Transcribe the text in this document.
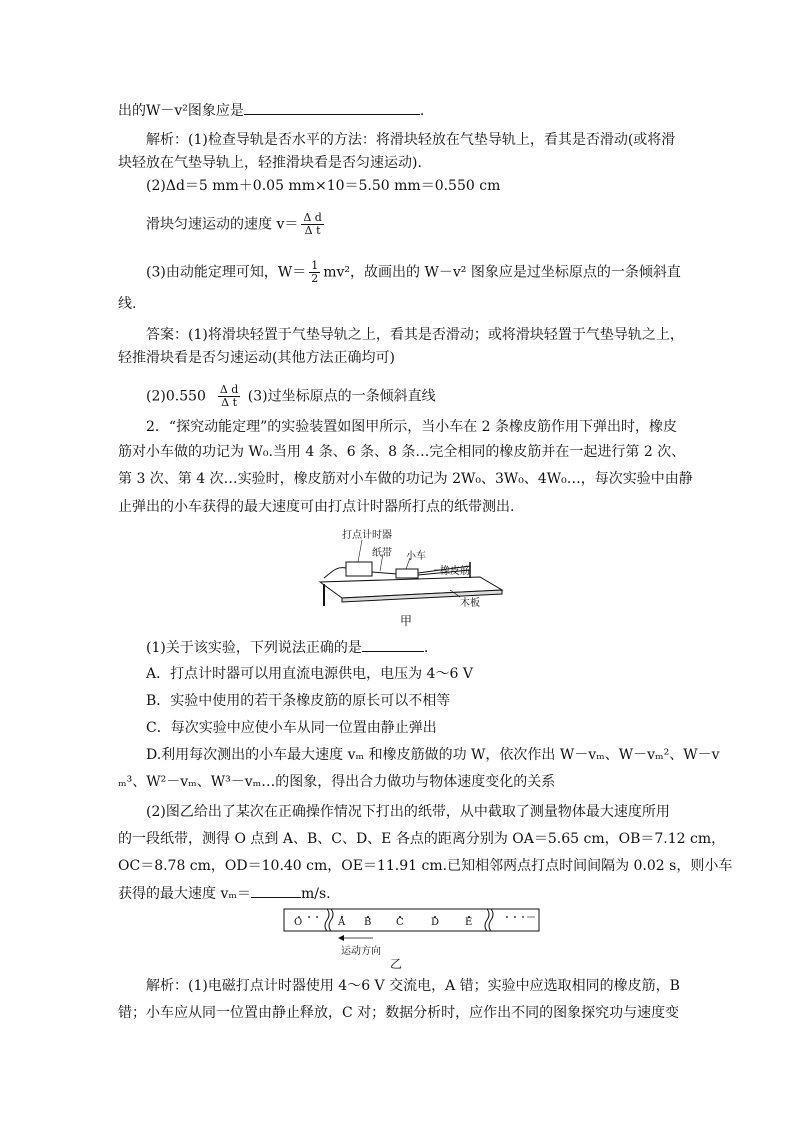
出的W－v²图象应是	.
解析：(1)检查导轨是否水平的方法：将滑块轻放在气垫导轨上，看其是否滑动(或将滑
块轻放在气垫导轨上，轻推滑块看是否匀速运动).
(2)Δd＝5 mm＋0.05 mm×10＝5.50 mm＝0.550 cm
滑块匀速运动的速度 $v= \frac{\text{Δ d}}{\text{Δ t}}$
(3)由动能定理可知，$W= \frac{1}{2} mv^2$，故画出的 W－v² 图象应是过坐标原点的一条倾斜直
线.
答案：(1)将滑块轻置于气垫导轨之上，看其是否滑动；或将滑块轻置于气垫导轨之上，
轻推滑块看是否匀速运动(其他方法正确均可)
$(2)0.550 \frac{\text{Δ d}}{\text{Δ t}} (3)$过坐标原点的一条倾斜直线
2．“探究动能定理”的实验装置如图甲所示，当小车在 2 条橡皮筋作用下弹出时，橡皮
筋对小车做的功记为 W₀.当用 4 条、6 条、8 条…完全相同的橡皮筋并在一起进行第 2 次、
第 3 次、第 4 次…实验时，橡皮筋对小车做的功记为 2W₀、3W₀、4W₀…，每次实验中由静
止弹出的小车获得的最大速度可由打点计时器所打点的纸带测出.
打点计时器
纸带 小车
橡皮筋
木板
甲
(1)关于该实验，下列说法正确的是	.
A．打点计时器可以用直流电源供电，电压为 4～6 V
B．实验中使用的若干条橡皮筋的原长可以不相等
C．每次实验中应使小车从同一位置由静止弹出
D.利用每次测出的小车最大速度 vₘ 和橡皮筋做的功 W，依次作出 W－vₘ、W－vₘ²、W－v
ₘ³、W²－vₘ、W³－vₘ…的图象，得出合力做功与物体速度变化的关系
(2)图乙给出了某次在正确操作情况下打出的纸带，从中截取了测量物体最大速度所用
的一段纸带，测得 O 点到 A、B、C、D、E 各点的距离分别为 OA＝5.65 cm，OB＝7.12 cm，
OC＝8.78 cm，OD＝10.40 cm，OE＝11.91 cm.已知相邻两点打点时间间隔为 0.02 s，则小车
获得的最大速度 vₘ＝	m/s.
O	A B C	D	E
运动方向
乙
解析：(1)电磁打点计时器使用 4～6 V 交流电，A 错；实验中应选取相同的橡皮筋，B
错；小车应从同一位置由静止释放，C 对；数据分析时，应作出不同的图象探究功与速度变
